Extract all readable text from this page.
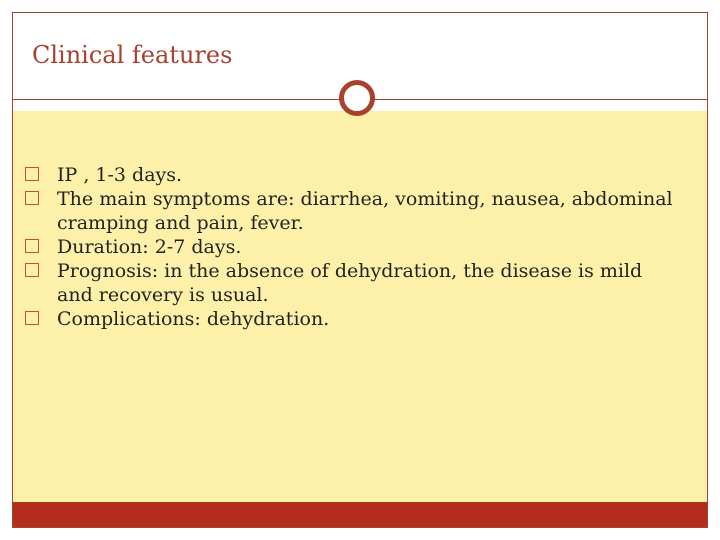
Clinical features
IP , 1-3 days.
The main symptoms are: diarrhea, vomiting, nausea, abdominal cramping and pain, fever.
Duration: 2-7 days.
Prognosis: in the absence of dehydration, the disease is mild and recovery is usual.
Complications: dehydration.
